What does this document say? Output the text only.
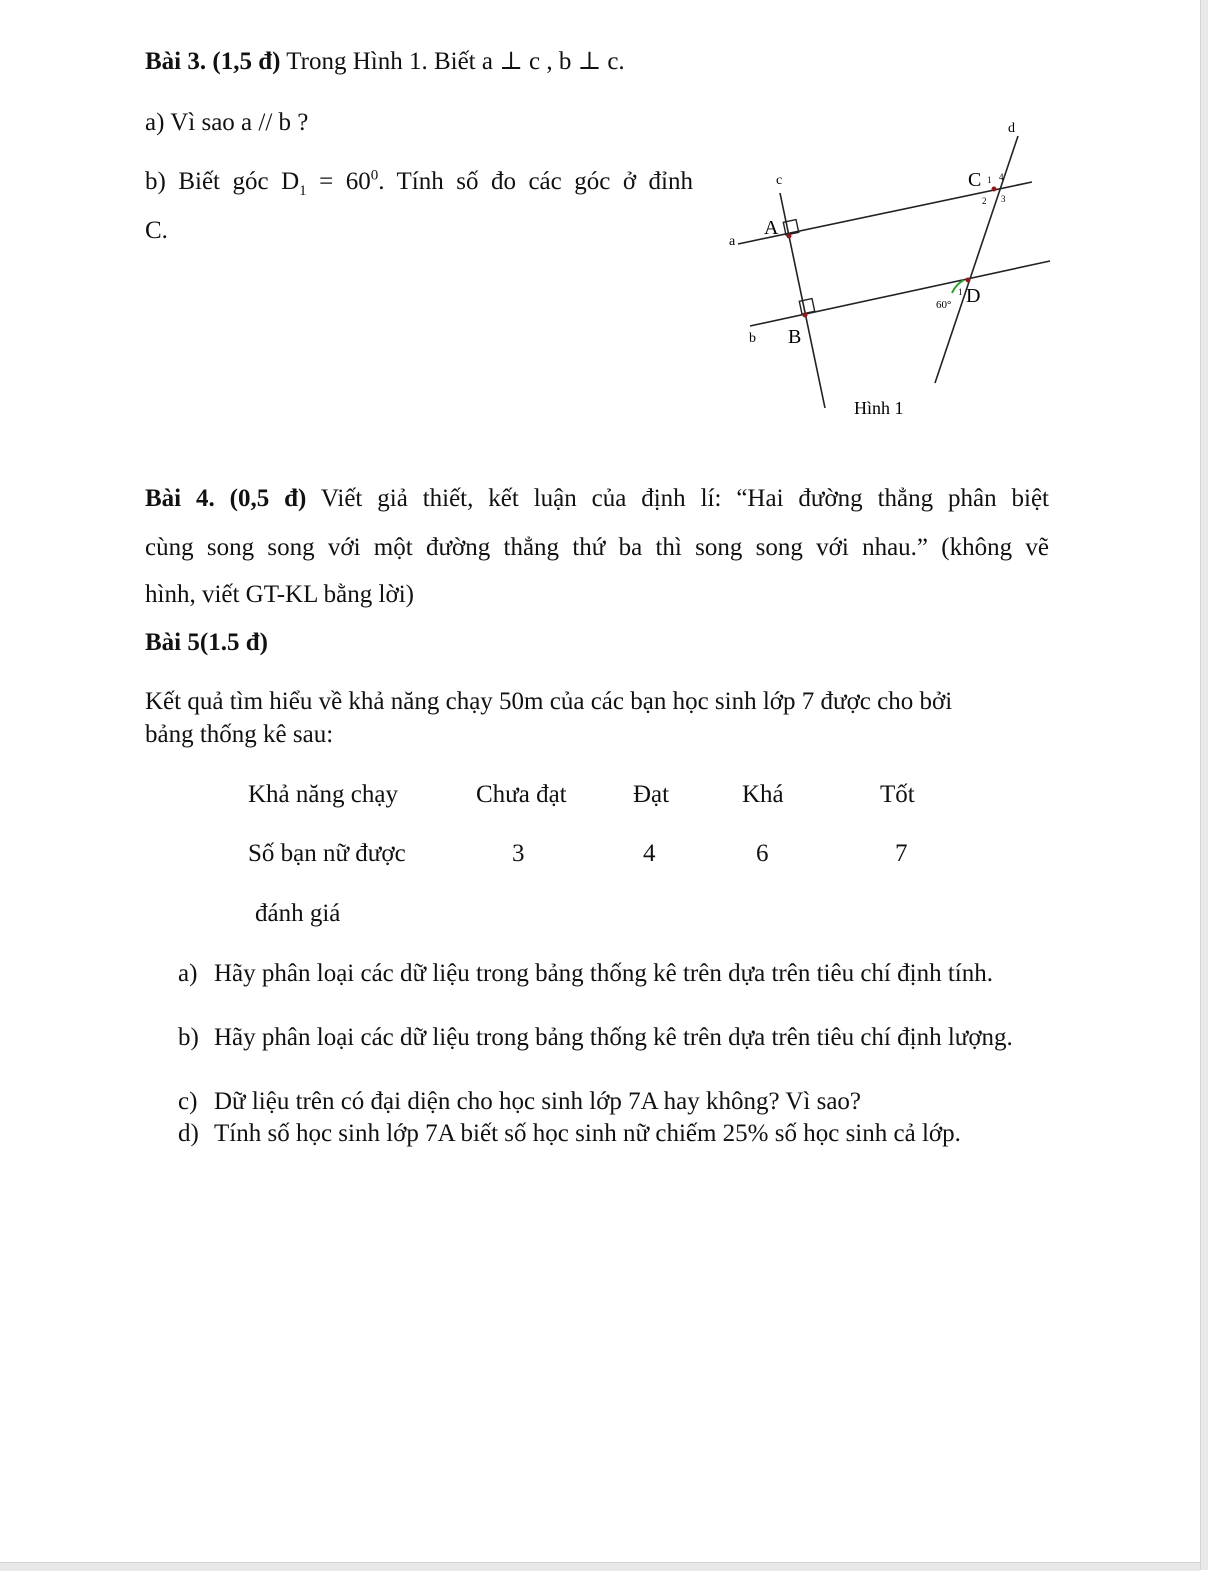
Bài 3. (1,5 đ) Trong Hình 1. Biết a ⊥ c , b ⊥ c.
a) Vì sao a // b ?
b) Biết góc $D_1 = 60^0$. Tính số đo các góc ở đỉnh
C.
d
c	C 1 4
2 3
A
a
D
1
60°
B
b
Hình 1
Bài 4. (0,5 đ) Viết giả thiết, kết luận của định lí: “Hai đường thẳng phân biệt
cùng song song với một đường thẳng thứ ba thì song song với nhau.” (không vẽ
hình, viết GT-KL bằng lời)
Bài 5(1.5 đ)
Kết quả tìm hiểu về khả năng chạy 50m của các bạn học sinh lớp 7 được cho bởi
bảng thống kê sau:
Khả năng chạy	Chưa đạt	Đạt	Khá	Tốt
Số bạn nữ được	3	4	6	7
đánh giá
a) Hãy phân loại các dữ liệu trong bảng thống kê trên dựa trên tiêu chí định tính.
b) Hãy phân loại các dữ liệu trong bảng thống kê trên dựa trên tiêu chí định lượng.
c) Dữ liệu trên có đại diện cho học sinh lớp 7A hay không? Vì sao?
d) Tính số học sinh lớp 7A biết số học sinh nữ chiếm 25% số học sinh cả lớp.
